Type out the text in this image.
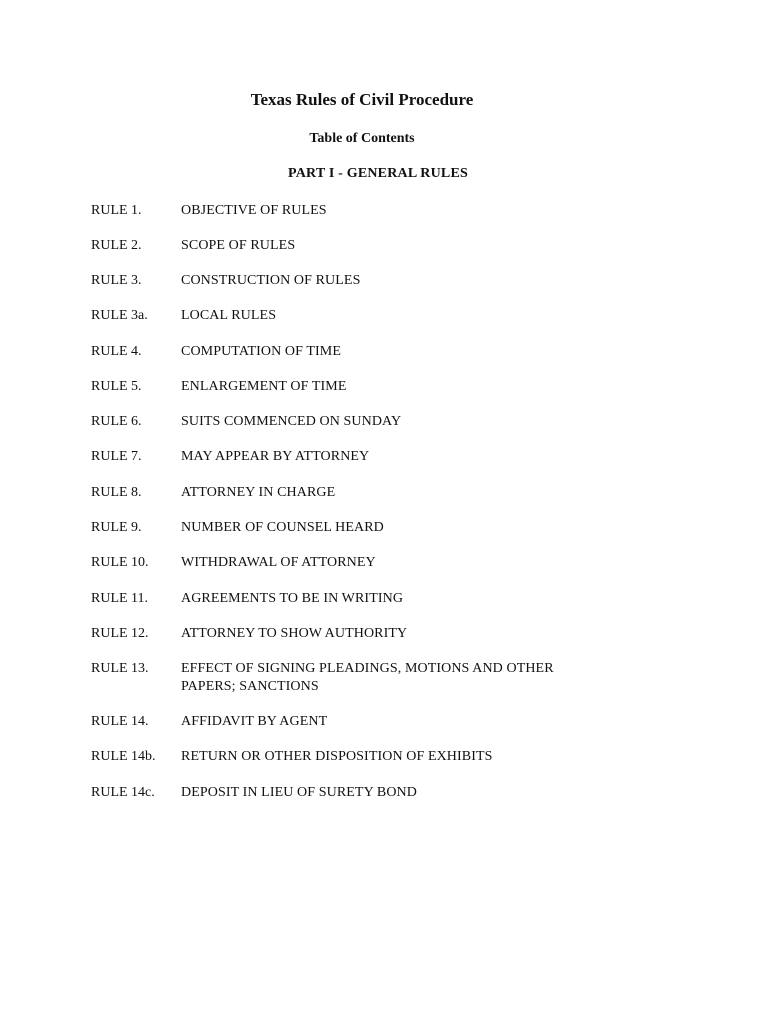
Texas Rules of Civil Procedure
Table of Contents
PART I - GENERAL RULES
RULE 1.	OBJECTIVE OF RULES
RULE 2.	SCOPE OF RULES
RULE 3.	CONSTRUCTION OF RULES
RULE 3a.	LOCAL RULES
RULE 4.	COMPUTATION OF TIME
RULE 5.	ENLARGEMENT OF TIME
RULE 6.	SUITS COMMENCED ON SUNDAY
RULE 7.	MAY APPEAR BY ATTORNEY
RULE 8.	ATTORNEY IN CHARGE
RULE 9.	NUMBER OF COUNSEL HEARD
RULE 10.	WITHDRAWAL OF ATTORNEY
RULE 11.	AGREEMENTS TO BE IN WRITING
RULE 12.	ATTORNEY TO SHOW AUTHORITY
RULE 13.	EFFECT OF SIGNING PLEADINGS, MOTIONS AND OTHER
PAPERS; SANCTIONS
RULE 14.	AFFIDAVIT BY AGENT
RULE 14b.	RETURN OR OTHER DISPOSITION OF EXHIBITS
RULE 14c.	DEPOSIT IN LIEU OF SURETY BOND
